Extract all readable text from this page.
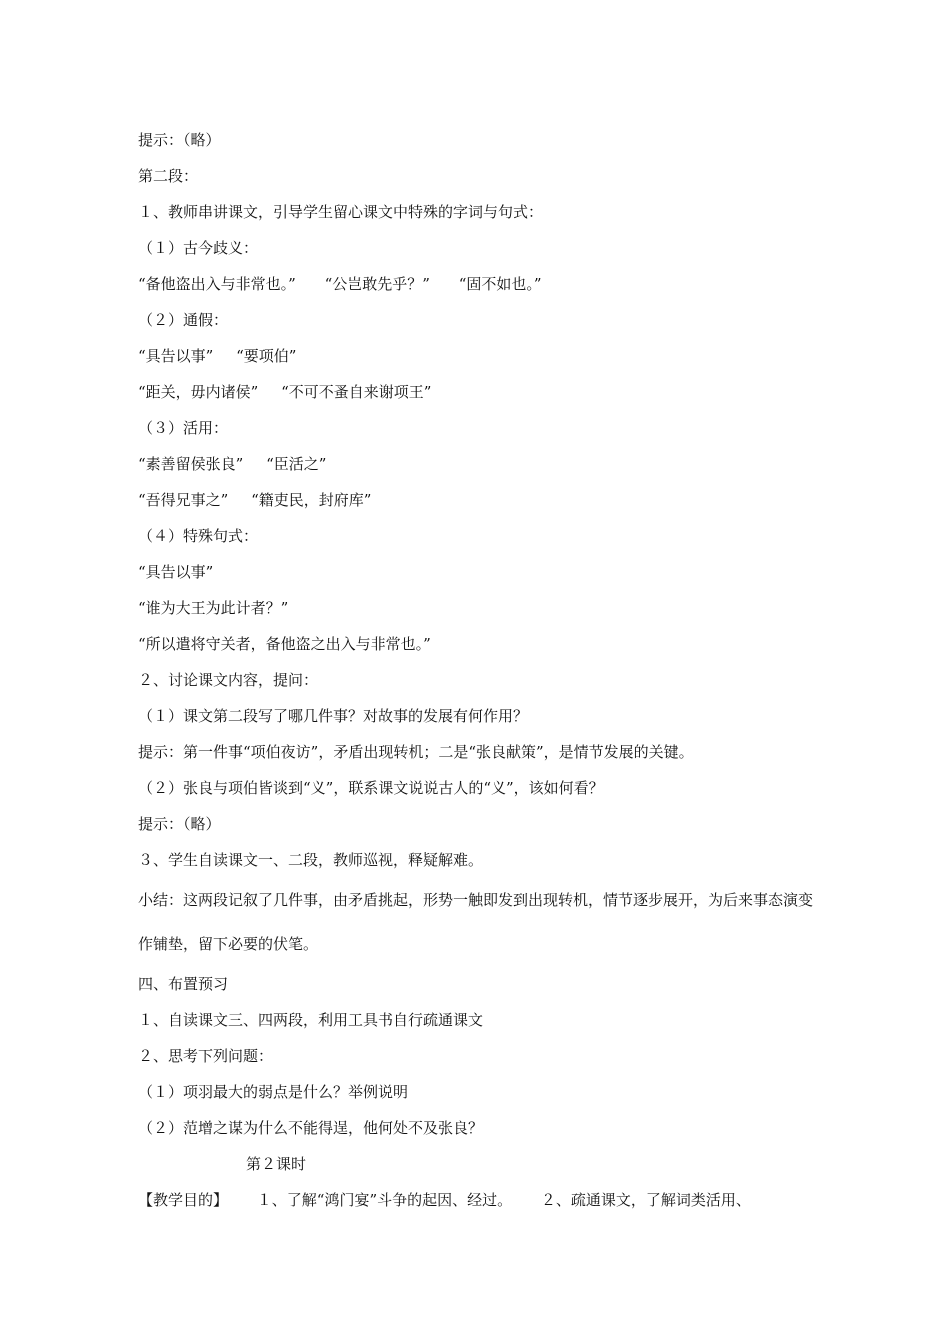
提示：（略）
第二段：
１、教师串讲课文，引导学生留心课文中特殊的字词与句式：
（１）古今歧义：
“备他盗出入与非常也。” “公岂敢先乎？” “固不如也。”
（２）通假：
“具告以事” “要项伯”
“距关，毋内诸侯” “不可不蚤自来谢项王”
（３）活用：
“素善留侯张良” “臣活之”
“吾得兄事之” “籍吏民，封府库”
（４）特殊句式：
“具告以事”
“谁为大王为此计者？”
“所以遣将守关者，备他盗之出入与非常也。”
２、讨论课文内容，提问：
（１）课文第二段写了哪几件事？对故事的发展有何作用？
提示：第一件事“项伯夜访”，矛盾出现转机；二是“张良献策”，是情节发展的关键。
（２）张良与项伯皆谈到“义”，联系课文说说古人的“义”，该如何看？
提示：（略）
３、学生自读课文一、二段，教师巡视，释疑解难。
小结：这两段记叙了几件事，由矛盾挑起，形势一触即发到出现转机，情节逐步展开，为后来事态演变作铺垫，留下必要的伏笔。
四、布置预习
１、自读课文三、四两段，利用工具书自行疏通课文
２、思考下列问题：
（１）项羽最大的弱点是什么？举例说明
（２）范增之谋为什么不能得逞，他何处不及张良？
第２课时
【教学目的】 １、了解“鸿门宴”斗争的起因、经过。 ２、疏通课文，了解词类活用、
